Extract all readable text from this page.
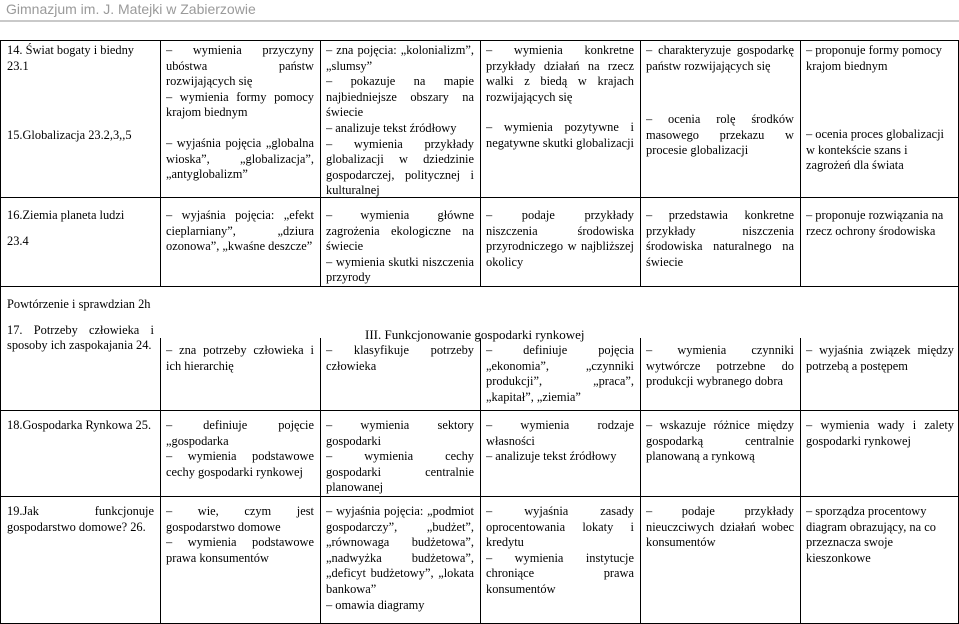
Gimnazjum im. J. Matejki w Zabierzowie
14. Świat bogaty i biedny 23.1
15.Globalizacja 23.2,3,,5
– wymienia przyczyny ubóstwa państw rozwijających się
– wymienia formy pomocy krajom biednym
– wyjaśnia pojęcia „globalna wioska”, „globalizacja”, „antyglobalizm”
– zna pojęcia: „kolonializm”, „slumsy”
– pokazuje na mapie najbiedniejsze obszary na świecie
– analizuje tekst źródłowy
– wymienia przykłady globalizacji w dziedzinie gospodarczej, politycznej i kulturalnej
– wymienia konkretne przykłady działań na rzecz walki z biedą w krajach rozwijających się
– wymienia pozytywne i negatywne skutki globalizacji
– charakteryzuje gospodarkę państw rozwijających się
– ocenia rolę środków masowego przekazu w procesie globalizacji
– proponuje formy pomocy krajom biednym
– ocenia proces globalizacji w kontekście szans i zagrożeń dla świata
16.Ziemia planeta ludzi
23.4
– wyjaśnia pojęcia: „efekt cieplarniany”, „dziura ozonowa”, „kwaśne deszcze”
– wymienia główne zagrożenia ekologiczne na świecie
– wymienia skutki niszczenia przyrody
– podaje przykłady niszczenia środowiska przyrodniczego w najbliższej okolicy
– przedstawia konkretne przykłady niszczenia środowiska naturalnego na świecie
– proponuje rozwiązania na rzecz ochrony środowiska
Powtórzenie i sprawdzian 2h
17. Potrzeby człowieka i sposoby ich zaspokajania 24.
III. Funkcjonowanie gospodarki rynkowej
– zna potrzeby człowieka i ich hierarchię
– klasyfikuje potrzeby człowieka
– definiuje pojęcia „ekonomia”, „czynniki produkcji”, „praca”, „kapitał”, „ziemia”
– wymienia czynniki wytwórcze potrzebne do produkcji wybranego dobra
– wyjaśnia związek między potrzebą a postępem
18.Gospodarka Rynkowa 25. – definiuje pojęcie „gospodarka
– wymienia podstawowe cechy gospodarki rynkowej
– wymienia sektory gospodarki
– wymienia cechy gospodarki centralnie planowanej
– wymienia rodzaje własności
– analizuje tekst źródłowy
– wskazuje różnice między gospodarką centralnie planowaną a rynkową
– wymienia wady i zalety gospodarki rynkowej
19.Jak funkcjonuje gospodarstwo domowe? 26.
– wie, czym jest gospodarstwo domowe
– wymienia podstawowe prawa konsumentów
– wyjaśnia pojęcia: „podmiot gospodarczy”, „budżet”, „równowaga budżetowa”, „nadwyżka budżetowa”, „deficyt budżetowy”, „lokata bankowa”
– omawia diagramy
– wyjaśnia zasady oprocentowania lokaty i kredytu
– wymienia instytucje chroniące prawa konsumentów
– podaje przykłady nieuczciwych działań wobec konsumentów
– sporządza procentowy diagram obrazujący, na co przeznacza swoje kieszonkowe
